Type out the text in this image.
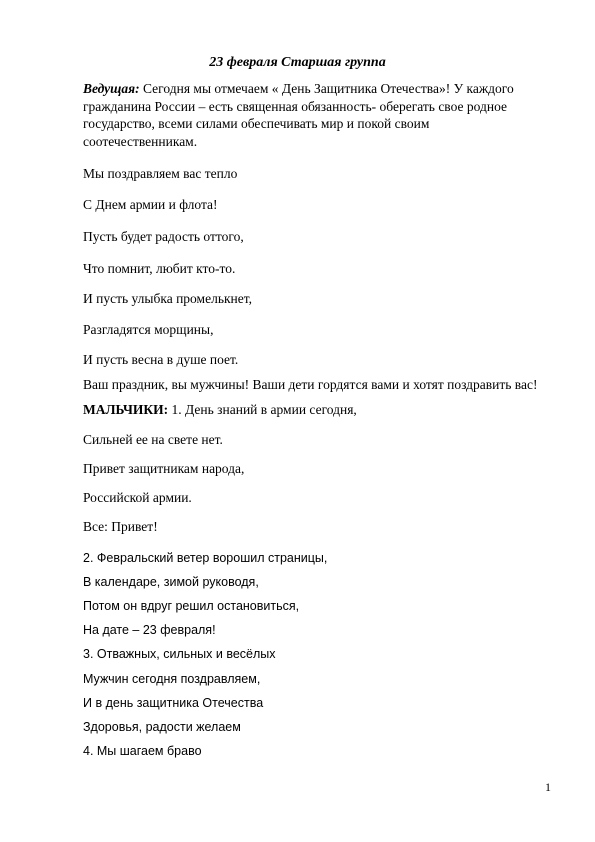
23 февраля Старшая группа
Ведущая: Сегодня мы отмечаем « День Защитника Отечества»! У каждого гражданина России – есть священная обязанность- оберегать свое родное государство, всеми силами обеспечивать мир и покой своим соотечественникам.
Мы поздравляем вас тепло
С Днем армии и флота!
Пусть будет радость оттого,
Что помнит, любит кто-то.
И пусть улыбка промелькнет,
Разгладятся морщины,
И пусть весна в душе поет.
Ваш праздник, вы мужчины! Ваши дети гордятся вами и хотят поздравить вас!
МАЛЬЧИКИ: 1. День знаний в армии сегодня,
Сильней ее на свете нет.
Привет защитникам народа,
Российской армии.
Все: Привет!
2. Февральский ветер ворошил страницы,
В календаре, зимой руководя,
Потом он вдруг решил остановиться,
На дате – 23 февраля!
3. Отважных, сильных и весёлых
Мужчин сегодня поздравляем,
И в день защитника Отечества
Здоровья, радости желаем
4. Мы шагаем браво
1
